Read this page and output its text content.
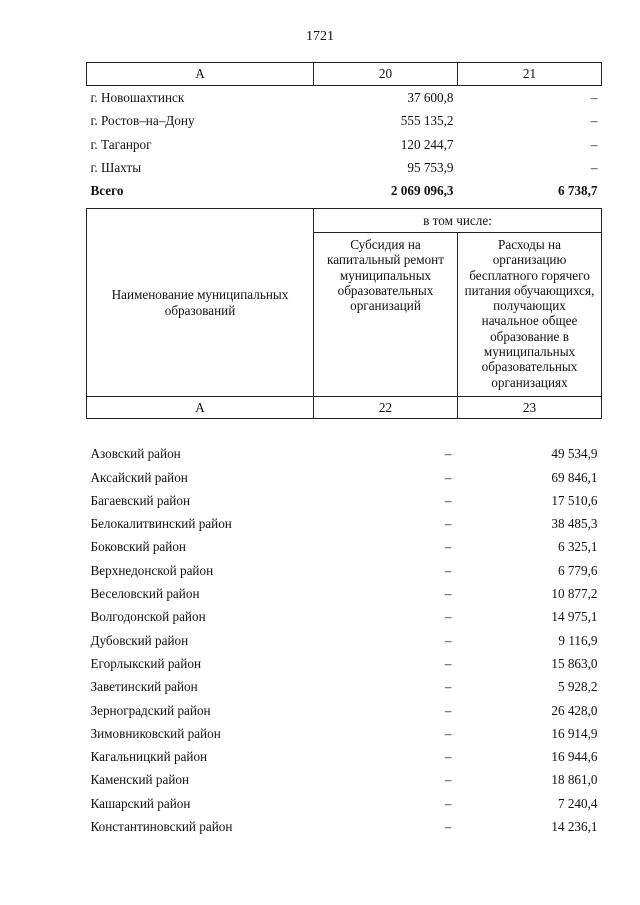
1721
А	20	21
г. Новошахтинск	37 600,8	–
г. Ростов–на–Дону	555 135,2	–
г. Таганрог	120 244,7	–
г. Шахты	95 753,9	–
Всего	2 069 096,3	6 738,7
Наименование муниципальных образований	в том числе:	
	Субсидия на капитальный ремонт муниципальных образовательных организаций	Расходы на организацию бесплатного горячего питания обучающихся, получающих начальное общее образование в муниципальных образовательных организациях
А	22	23

Азовский район	–	49 534,9
Аксайский район	–	69 846,1
Багаевский район	–	17 510,6
Белокалитвинский район	–	38 485,3
Боковский район	–	6 325,1
Верхнедонской район	–	6 779,6
Веселовский район	–	10 877,2
Волгодонской район	–	14 975,1
Дубовский район	–	9 116,9
Егорлыкский район	–	15 863,0
Заветинский район	–	5 928,2
Зерноградский район	–	26 428,0
Зимовниковский район	–	16 914,9
Кагальницкий район	–	16 944,6
Каменский район	–	18 861,0
Кашарский район	–	7 240,4
Константиновский район	–	14 236,1
